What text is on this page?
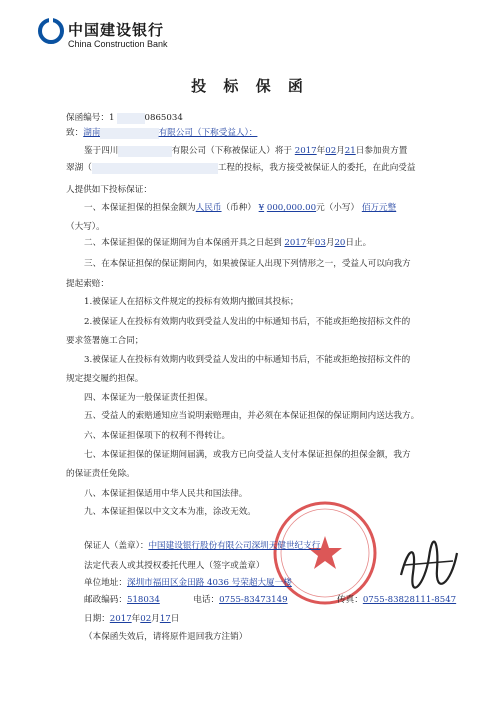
中国建设银行
China Construction Bank
投 标 保 函
保函编号：1 000000865034
致：湖南xxxxxxxxxxxx有限公司（下称受益人）：
鉴于四川xxxxxxxxxxx有限公司（下称被保证人）将于 2017年02月21日参加贵方置
翠湖（xxxxxxxxxxxxxxxxxxxxxxxxxx工程的投标，我方接受被保证人的委托，在此向受益
人提供如下投标保证：
一、本保证担保的担保金额为人民币（币种） ¥ 000,000.00元（小写） 佰万元整
（大写）。
二、本保证担保的保证期间为自本保函开具之日起到 2017年03月20日止。
三、在本保证担保的保证期间内，如果被保证人出现下列情形之一，受益人可以向我方
提起索赔：
1.被保证人在招标文件规定的投标有效期内撤回其投标；
2.被保证人在投标有效期内收到受益人发出的中标通知书后，不能或拒绝按招标文件的
要求签署施工合同；
3.被保证人在投标有效期内收到受益人发出的中标通知书后，不能或拒绝按招标文件的
规定提交履约担保。
四、本保证为一般保证责任担保。
五、受益人的索赔通知应当说明索赔理由，并必须在本保证担保的保证期间内送达我方。
六、本保证担保项下的权利不得转让。
七、本保证担保的保证期间届满，或我方已向受益人支付本保证担保的担保金额，我方
的保证责任免除。
八、本保证担保适用中华人民共和国法律。
九、本保证担保以中文文本为准，涂改无效。
保证人（盖章）：中国建设银行股份有限公司深圳天健世纪支行
法定代表人或其授权委托代理人（签字或盖章）
单位地址：深圳市福田区金田路 4036 号荣超大厦一楼
邮政编码：518034	电话：0755-83473149	传真：0755-83828111-8547
日期：2017年02月17日
（本保函失效后，请将原件退回我方注销）
